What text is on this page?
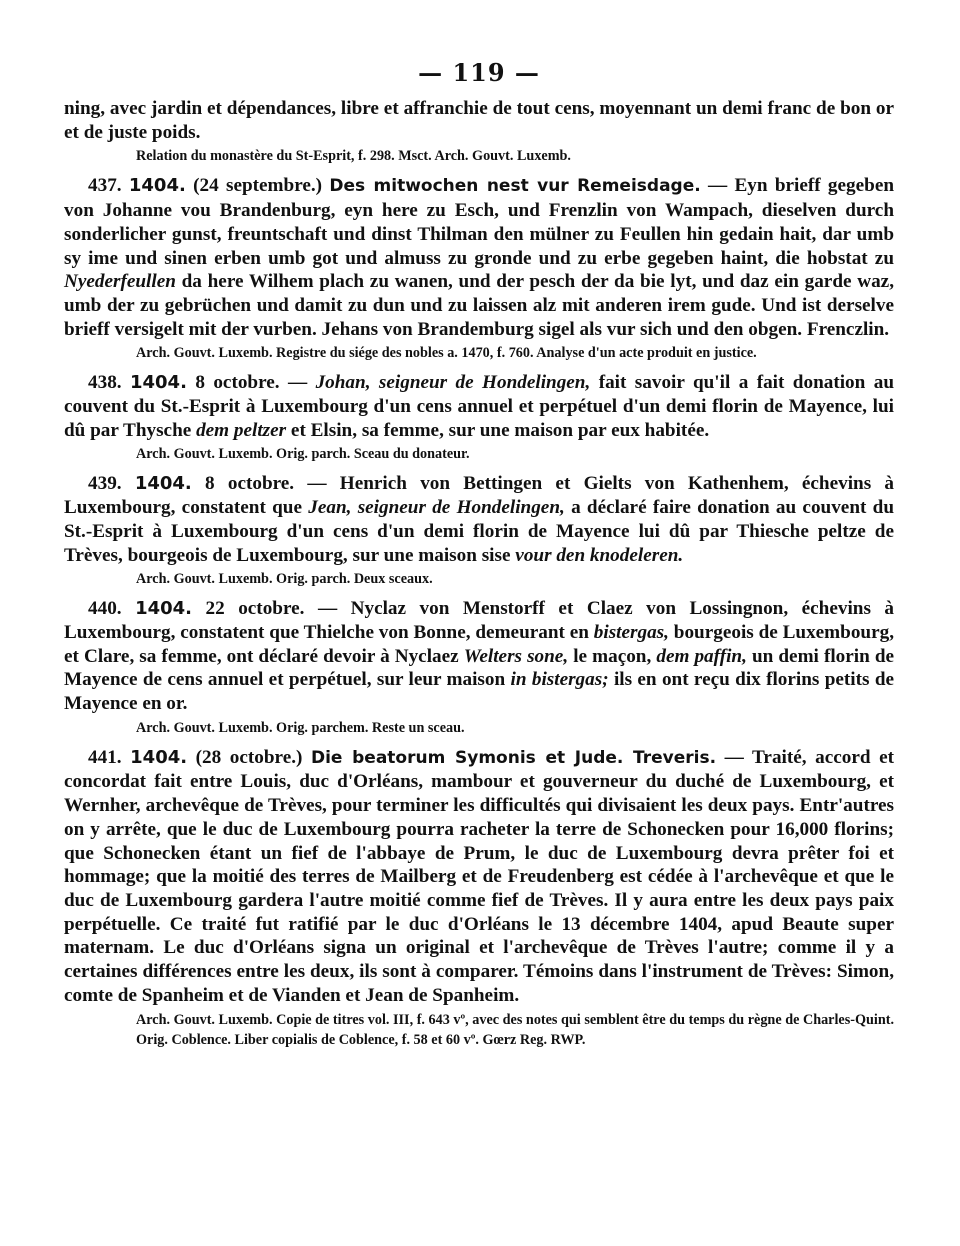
— 119 —

ning, avec jardin et dépendances, libre et affranchie de tout cens, moyennant un demi franc de bon or et de juste poids.

Relation du monastère du St-Esprit, f. 298. Msct. Arch. Gouvt. Luxemb.

437. 1404. (24 septembre.) Des mitwochen nest vur Remeisdage. — Eyn brieff gegeben von Johanne vou Brandenburg, eyn here zu Esch, und Frenzlin von Wampach, dieselven durch sonderlicher gunst, freuntschaft und dinst Thilman den mülner zu Feullen hin gedain hait, dar umb sy ime und sinen erben umb got und almuss zu gronde und zu erbe gegeben haint, die hobstat zu Nyederfeullen da here Wilhem plach zu wanen, und der pesch der da bie lyt, und daz ein garde waz, umb der zu gebrüchen und damit zu dun und zu laissen alz mit anderen irem gude. Und ist derselve brieff versigelt mit der vurben. Jehans von Brandemburg sigel als vur sich und den obgen. Frenczlin.

Arch. Gouvt. Luxemb. Registre du siége des nobles a. 1470, f. 760. Analyse d'un acte produit en justice.

438. 1404. 8 octobre. — Johan, seigneur de Hondelingen, fait savoir qu'il a fait donation au couvent du St.-Esprit à Luxembourg d'un cens annuel et perpétuel d'un demi florin de Mayence, lui dû par Thysche dem peltzer et Elsin, sa femme, sur une maison par eux habitée.

Arch. Gouvt. Luxemb. Orig. parch. Sceau du donateur.

439. 1404. 8 octobre. — Henrich von Bettingen et Gielts von Kathenhem, échevins à Luxembourg, constatent que Jean, seigneur de Hondelingen, a déclaré faire donation au couvent du St.-Esprit à Luxembourg d'un cens d'un demi florin de Mayence lui dû par Thiesche peltze de Trèves, bourgeois de Luxembourg, sur une maison sise vour den knodeleren.

Arch. Gouvt. Luxemb. Orig. parch. Deux sceaux.

440. 1404. 22 octobre. — Nyclaz von Menstorff et Claez von Lossingnon, échevins à Luxembourg, constatent que Thielche von Bonne, demeurant en bistergas, bourgeois de Luxembourg, et Clare, sa femme, ont déclaré devoir à Nyclaez Welters sone, le maçon, dem paffin, un demi florin de Mayence de cens annuel et perpétuel, sur leur maison in bistergas; ils en ont reçu dix florins petits de Mayence en or.

Arch. Gouvt. Luxemb. Orig. parchem. Reste un sceau.

441. 1404. (28 octobre.) Die beatorum Symonis et Jude. Treveris. — Traité, accord et concordat fait entre Louis, duc d'Orléans, mambour et gouverneur du duché de Luxembourg, et Wernher, archevêque de Trèves, pour terminer les difficultés qui divisaient les deux pays. Entr'autres on y arrête, que le duc de Luxembourg pourra racheter la terre de Schonecken pour 16,000 florins; que Schonecken étant un fief de l'abbaye de Prum, le duc de Luxembourg devra prêter foi et hommage; que la moitié des terres de Mailberg et de Freudenberg est cédée à l'archevêque et que le duc de Luxembourg gardera l'autre moitié comme fief de Trèves. Il y aura entre les deux pays paix perpétuelle. Ce traité fut ratifié par le duc d'Orléans le 13 décembre 1404, apud Beaute super maternam. Le duc d'Orléans signa un original et l'archevêque de Trèves l'autre; comme il y a certaines différences entre les deux, ils sont à comparer. Témoins dans l'instrument de Trèves: Simon, comte de Spanheim et de Vianden et Jean de Spanheim.

Arch. Gouvt. Luxemb. Copie de titres vol. III, f. 643 vº, avec des notes qui semblent être du temps du règne de Charles-Quint. Orig. Coblence. Liber copialis de Coblence, f. 58 et 60 vº. Gœrz Reg. RWP.
